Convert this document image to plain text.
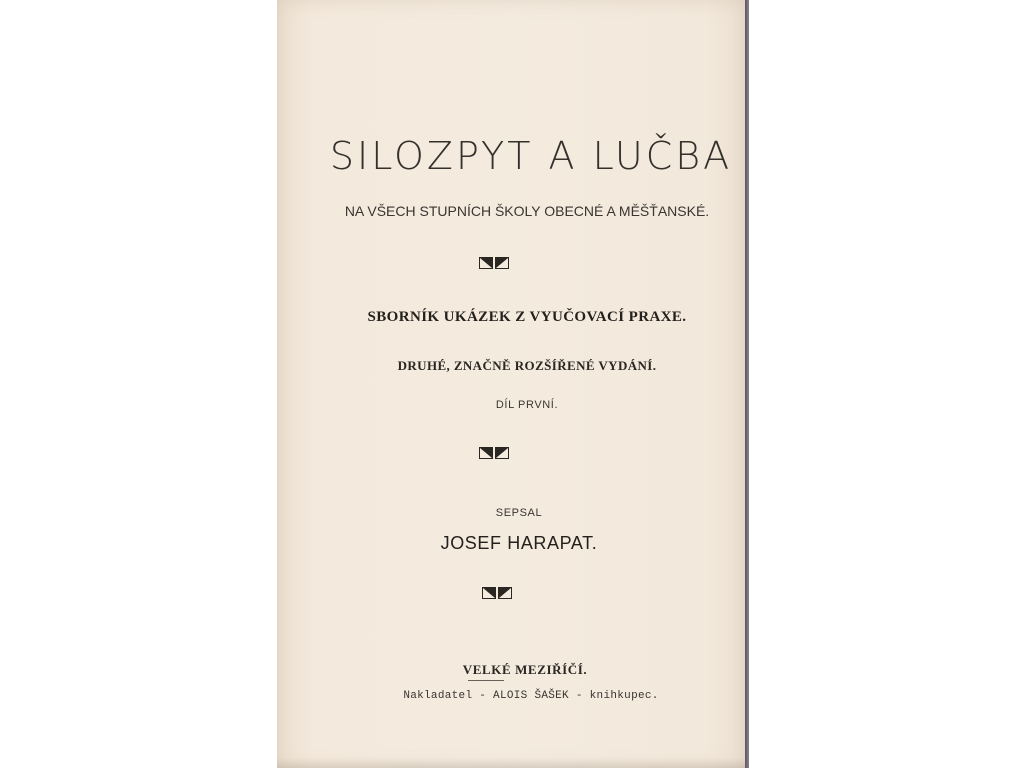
SILOZPYT A LUČBA
NA VŠECH STUPNÍCH ŠKOLY OBECNÉ A MĚŠŤANSKÉ.
SBORNÍK UKÁZEK Z VYUČOVACÍ PRAXE.
DRUHÉ, ZNAČNĚ ROZŠÍŘENÉ VYDÁNÍ.
DÍL PRVNÍ.
SEPSAL
JOSEF HARAPAT.
VELKÉ MEZIŘÍČÍ.
Nakladatel - ALOIS ŠAŠEK - knihkupec.
